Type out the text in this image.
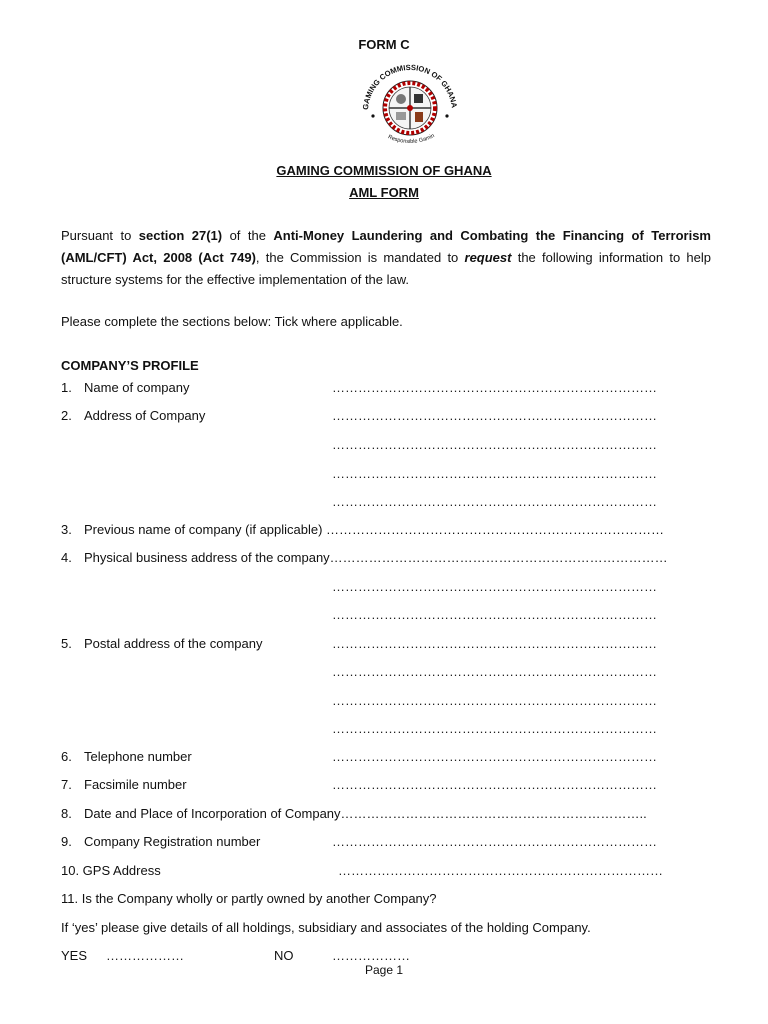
FORM C
GAMING COMMISSION OF GHANA
Responsible Gamin
GAMING COMMISSION OF GHANA
AML FORM
Pursuant to section 27(1) of the Anti-Money Laundering and Combating the Financing of Terrorism (AML/CFT) Act, 2008 (Act 749), the Commission is mandated to request the following information to help structure systems for the effective implementation of the law.
Please complete the sections below: Tick where applicable.
COMPANY’S PROFILE
1. Name of company	…………………………………………………………………
2. Address of Company	…………………………………………………………………
…………………………………………………………………
…………………………………………………………………
…………………………………………………………………
3. Previous name of company (if applicable) ……………………………………………………………………
4. Physical business address of the company……………………………………………………………………
…………………………………………………………………
…………………………………………………………………
5. Postal address of the company	…………………………………………………………………
…………………………………………………………………
…………………………………………………………………
…………………………………………………………………
6. Telephone number	…………………………………………………………………
7. Facsimile number	…………………………………………………………………
8. Date and Place of Incorporation of Company……………………………………………………………..
9. Company Registration number	…………………………………………………………………
10. GPS Address	…………………………………………………………………
11. Is the Company wholly or partly owned by another Company?
If ‘yes’ please give details of all holdings, subsidiary and associates of the holding Company.
YES ………………	NO	………………
Page 1
